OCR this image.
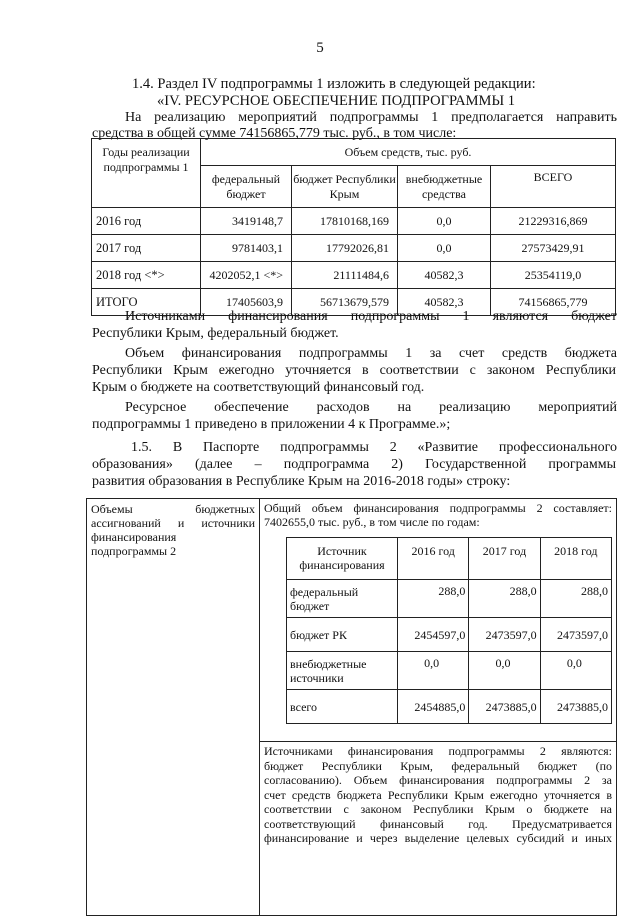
5
1.4. Раздел IV подпрограммы 1 изложить в следующей редакции:
«IV. РЕСУРСНОЕ ОБЕСПЕЧЕНИЕ ПОДПРОГРАММЫ 1
На реализацию мероприятий подпрограммы 1 предполагается направить
средства в общей сумме 74156865,779 тыс. руб., в том числе:
Годы реализации подпрограммы 1	Объем средств, тыс. руб.			
	федеральный бюджет	бюджет Республики Крым	внебюджетные средства	ВСЕГО
2016 год	3419148,7	17810168,169	0,0	21229316,869
2017 год	9781403,1	17792026,81	0,0	27573429,91
2018 год <*>	4202052,1 <*>	21111484,6	40582,3	25354119,0
ИТОГО	17405603,9	56713679,579	40582,3	74156865,779
Источниками финансирования подпрограммы 1 являются бюджет
Республики Крым, федеральный бюджет.
Объем финансирования подпрограммы 1 за счет средств бюджета
Республики Крым ежегодно уточняется в соответствии с законом Республики
Крым о бюджете на соответствующий финансовый год.
Ресурсное обеспечение расходов на реализацию мероприятий
подпрограммы 1 приведено в приложении 4 к Программе.»;
1.5. В Паспорте подпрограммы 2 «Развитие профессионального
образования» (далее – подпрограмма 2) Государственной программы
развития образования в Республике Крым на 2016-2018 годы» строку:
Объемы бюджетных
ассигнований и источники
финансирования
подпрограммы 2

Общий объем финансирования подпрограммы 2 составляет:
7402655,0 тыс. руб., в том числе по годам:
Источник финансирования	2016 год	2017 год	2018 год
федеральный бюджет	288,0	288,0	288,0
бюджет РК	2454597,0	2473597,0	2473597,0
внебюджетные источники	0,0	0,0	0,0
всего	2454885,0	2473885,0	2473885,0

Источниками финансирования подпрограммы 2 являются:
бюджет Республики Крым, федеральный бюджет (по
согласованию). Объем финансирования подпрограммы 2 за
счет средств бюджета Республики Крым ежегодно уточняется в
соответствии с законом Республики Крым о бюджете на
соответствующий финансовый год. Предусматривается
финансирование и через выделение целевых субсидий и иных
